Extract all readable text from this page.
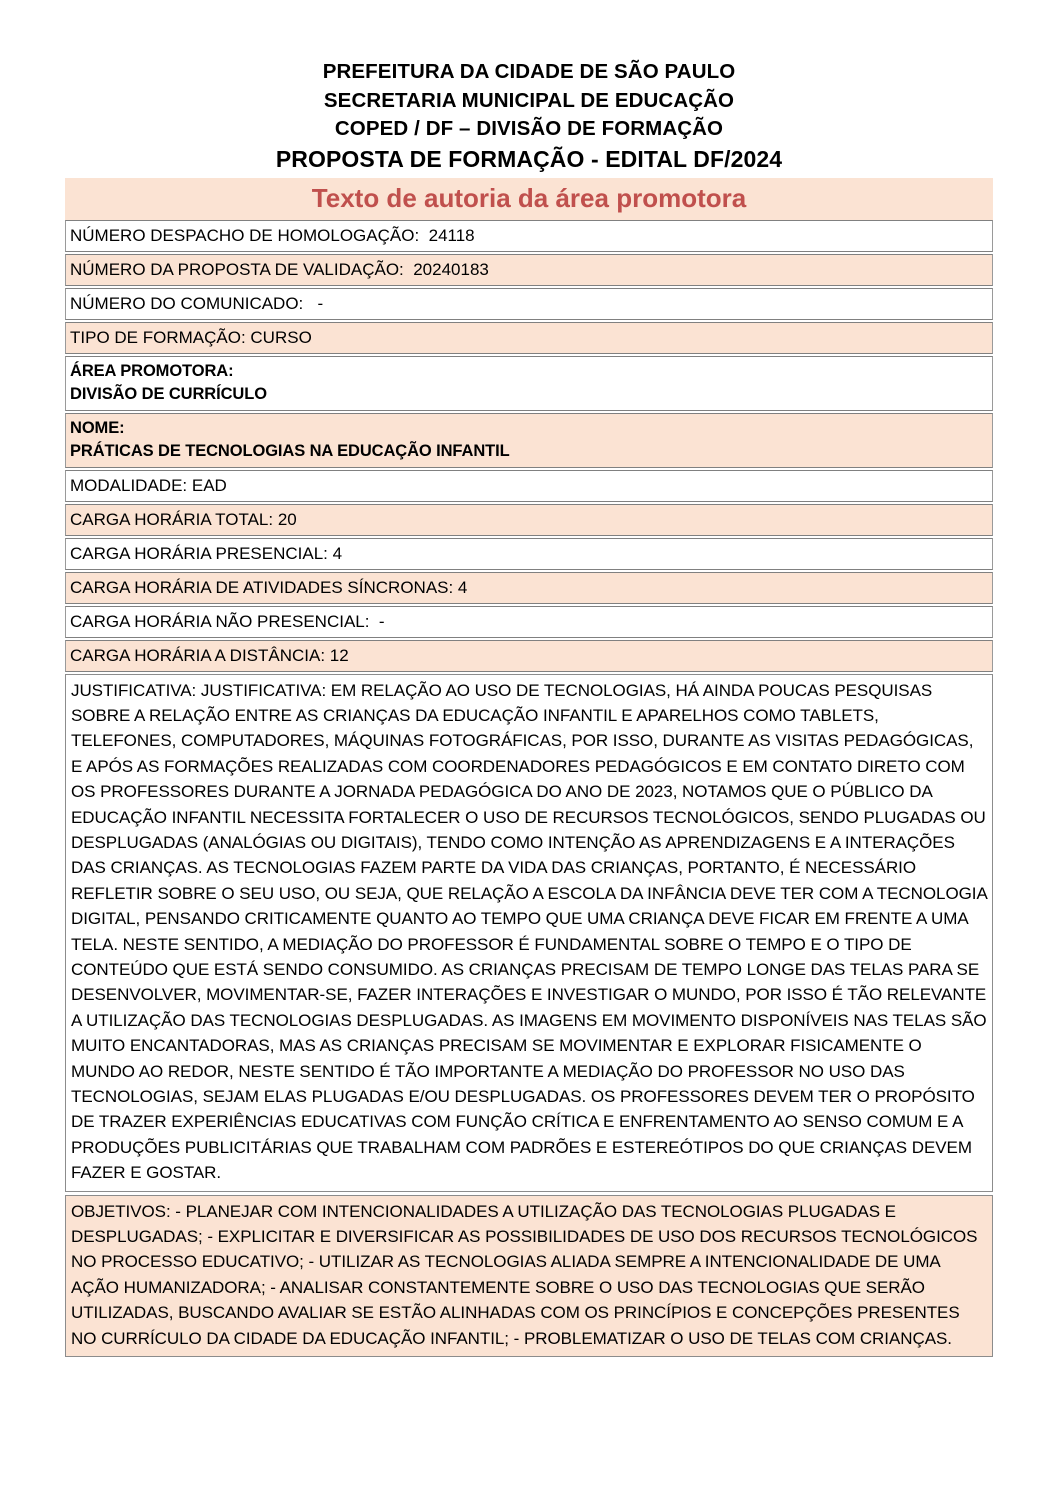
PREFEITURA DA CIDADE DE SÃO PAULO
SECRETARIA MUNICIPAL DE EDUCAÇÃO
COPED / DF – DIVISÃO DE FORMAÇÃO
PROPOSTA DE FORMAÇÃO - EDITAL DF/2024
Texto de autoria da área promotora
NÚMERO DESPACHO DE HOMOLOGAÇÃO:  24118
NÚMERO DA PROPOSTA DE VALIDAÇÃO:  20240183
NÚMERO DO COMUNICADO:   -
TIPO DE FORMAÇÃO: CURSO
ÁREA PROMOTORA:
DIVISÃO DE CURRÍCULO
NOME:
PRÁTICAS DE TECNOLOGIAS NA EDUCAÇÃO INFANTIL
MODALIDADE: EAD
CARGA HORÁRIA TOTAL: 20
CARGA HORÁRIA PRESENCIAL: 4
CARGA HORÁRIA DE ATIVIDADES SÍNCRONAS: 4
CARGA HORÁRIA NÃO PRESENCIAL:  -
CARGA HORÁRIA A DISTÂNCIA: 12

JUSTIFICATIVA: JUSTIFICATIVA: EM RELAÇÃO AO USO DE TECNOLOGIAS, HÁ AINDA POUCAS PESQUISAS SOBRE A RELAÇÃO ENTRE AS CRIANÇAS DA EDUCAÇÃO INFANTIL E APARELHOS COMO TABLETS, TELEFONES, COMPUTADORES, MÁQUINAS FOTOGRÁFICAS, POR ISSO, DURANTE AS VISITAS PEDAGÓGICAS, E APÓS AS FORMAÇÕES REALIZADAS COM COORDENADORES PEDAGÓGICOS E EM CONTATO DIRETO COM OS PROFESSORES DURANTE A JORNADA PEDAGÓGICA DO ANO DE 2023, NOTAMOS QUE O PÚBLICO DA EDUCAÇÃO INFANTIL NECESSITA FORTALECER O USO DE RECURSOS TECNOLÓGICOS, SENDO PLUGADAS OU DESPLUGADAS (ANALÓGIAS OU DIGITAIS), TENDO COMO INTENÇÃO AS APRENDIZAGENS E A INTERAÇÕES DAS CRIANÇAS. AS TECNOLOGIAS FAZEM PARTE DA VIDA DAS CRIANÇAS, PORTANTO, É NECESSÁRIO REFLETIR SOBRE O SEU USO, OU SEJA, QUE RELAÇÃO A ESCOLA DA INFÂNCIA DEVE TER COM A TECNOLOGIA DIGITAL, PENSANDO CRITICAMENTE QUANTO AO TEMPO QUE UMA CRIANÇA DEVE FICAR EM FRENTE A UMA TELA. NESTE SENTIDO, A MEDIAÇÃO DO PROFESSOR É FUNDAMENTAL SOBRE O TEMPO E O TIPO DE CONTEÚDO QUE ESTÁ SENDO CONSUMIDO. AS CRIANÇAS PRECISAM DE TEMPO LONGE DAS TELAS PARA SE DESENVOLVER, MOVIMENTAR-SE, FAZER INTERAÇÕES E INVESTIGAR O MUNDO, POR ISSO É TÃO RELEVANTE A UTILIZAÇÃO DAS TECNOLOGIAS DESPLUGADAS. AS IMAGENS EM MOVIMENTO DISPONÍVEIS NAS TELAS SÃO MUITO ENCANTADORAS, MAS AS CRIANÇAS PRECISAM SE MOVIMENTAR E EXPLORAR FISICAMENTE O MUNDO AO REDOR, NESTE SENTIDO É TÃO IMPORTANTE A MEDIAÇÃO DO PROFESSOR NO USO DAS TECNOLOGIAS, SEJAM ELAS PLUGADAS E/OU DESPLUGADAS. OS PROFESSORES DEVEM TER O PROPÓSITO DE TRAZER EXPERIÊNCIAS EDUCATIVAS COM FUNÇÃO CRÍTICA E ENFRENTAMENTO AO SENSO COMUM E A PRODUÇÕES PUBLICITÁRIAS QUE TRABALHAM COM PADRÕES E ESTEREÓTIPOS DO QUE CRIANÇAS DEVEM FAZER E GOSTAR.

OBJETIVOS: - PLANEJAR COM INTENCIONALIDADES A UTILIZAÇÃO DAS TECNOLOGIAS PLUGADAS E DESPLUGADAS; - EXPLICITAR E DIVERSIFICAR AS POSSIBILIDADES DE USO DOS RECURSOS TECNOLÓGICOS NO PROCESSO EDUCATIVO; - UTILIZAR AS TECNOLOGIAS ALIADA SEMPRE A INTENCIONALIDADE DE UMA AÇÃO HUMANIZADORA; - ANALISAR CONSTANTEMENTE SOBRE O USO DAS TECNOLOGIAS QUE SERÃO UTILIZADAS, BUSCANDO AVALIAR SE ESTÃO ALINHADAS COM OS PRINCÍPIOS E CONCEPÇÕES PRESENTES NO CURRÍCULO DA CIDADE DA EDUCAÇÃO INFANTIL; - PROBLEMATIZAR O USO DE TELAS COM CRIANÇAS.
